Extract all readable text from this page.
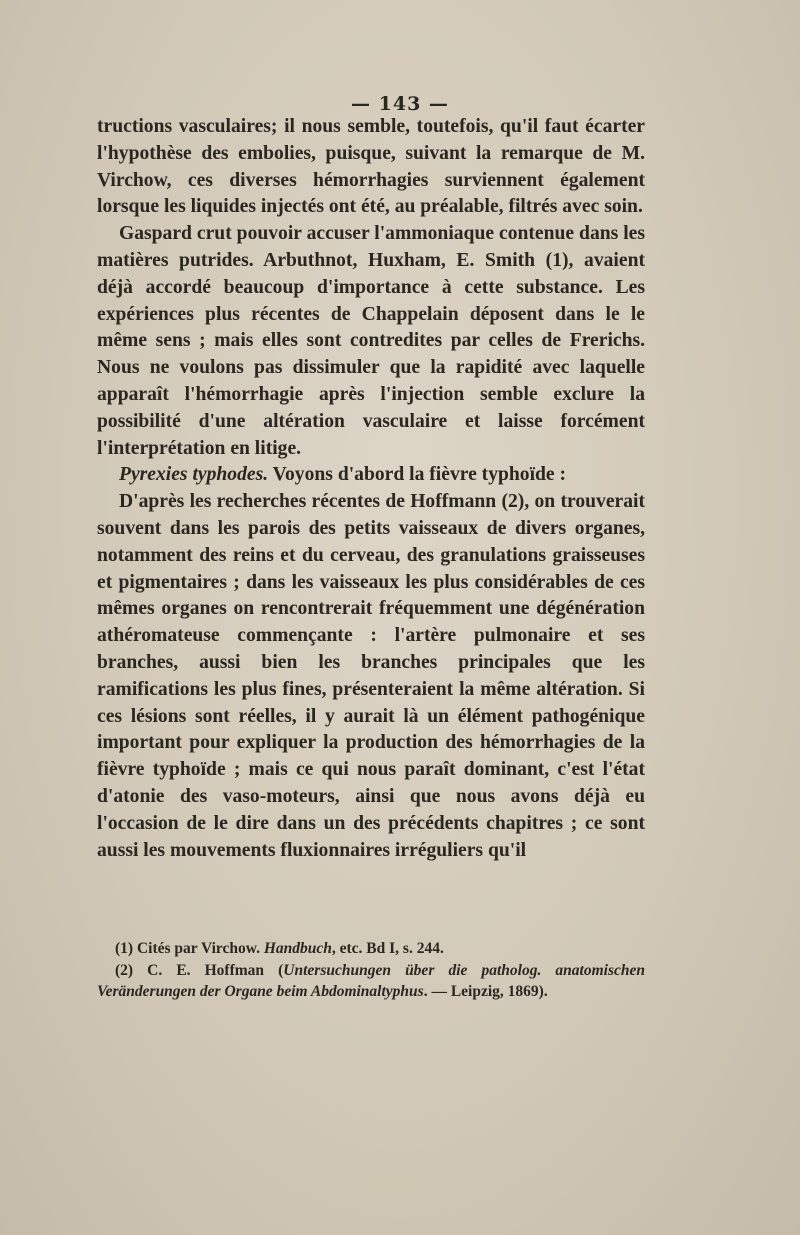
— 143 —

tructions vasculaires; il nous semble, toutefois, qu'il faut écarter l'hypothèse des embolies, puisque, suivant la remarque de M. Virchow, ces diverses hémorrhagies surviennent également lorsque les liquides injectés ont été, au préalable, filtrés avec soin.

Gaspard crut pouvoir accuser l'ammoniaque contenue dans les matières putrides. Arbuthnot, Huxham, E. Smith (1), avaient déjà accordé beaucoup d'importance à cette substance. Les expériences plus récentes de Chappelain déposent dans le le même sens ; mais elles sont contredites par celles de Frerichs. Nous ne voulons pas dissimuler que la rapidité avec laquelle apparaît l'hémorrhagie après l'injection semble exclure la possibilité d'une altération vasculaire et laisse forcément l'interprétation en litige.

Pyrexies typhodes. Voyons d'abord la fièvre typhoïde :

D'après les recherches récentes de Hoffmann (2), on trouverait souvent dans les parois des petits vaisseaux de divers organes, notamment des reins et du cerveau, des granulations graisseuses et pigmentaires ; dans les vaisseaux les plus considérables de ces mêmes organes on rencontrerait fréquemment une dégénération athéromateuse commençante : l'artère pulmonaire et ses branches, aussi bien les branches principales que les ramifications les plus fines, présenteraient la même altération. Si ces lésions sont réelles, il y aurait là un élément pathogénique important pour expliquer la production des hémorrhagies de la fièvre typhoïde ; mais ce qui nous paraît dominant, c'est l'état d'atonie des vaso-moteurs, ainsi que nous avons déjà eu l'occasion de le dire dans un des précédents chapitres ; ce sont aussi les mouvements fluxionnaires irréguliers qu'il

(1) Cités par Virchow. Handbuch, etc. Bd I, s. 244.

(2) C. E. Hoffman (Untersuchungen über die patholog. anatomischen Veränderungen der Organe beim Abdominaltyphus. — Leipzig, 1869).
